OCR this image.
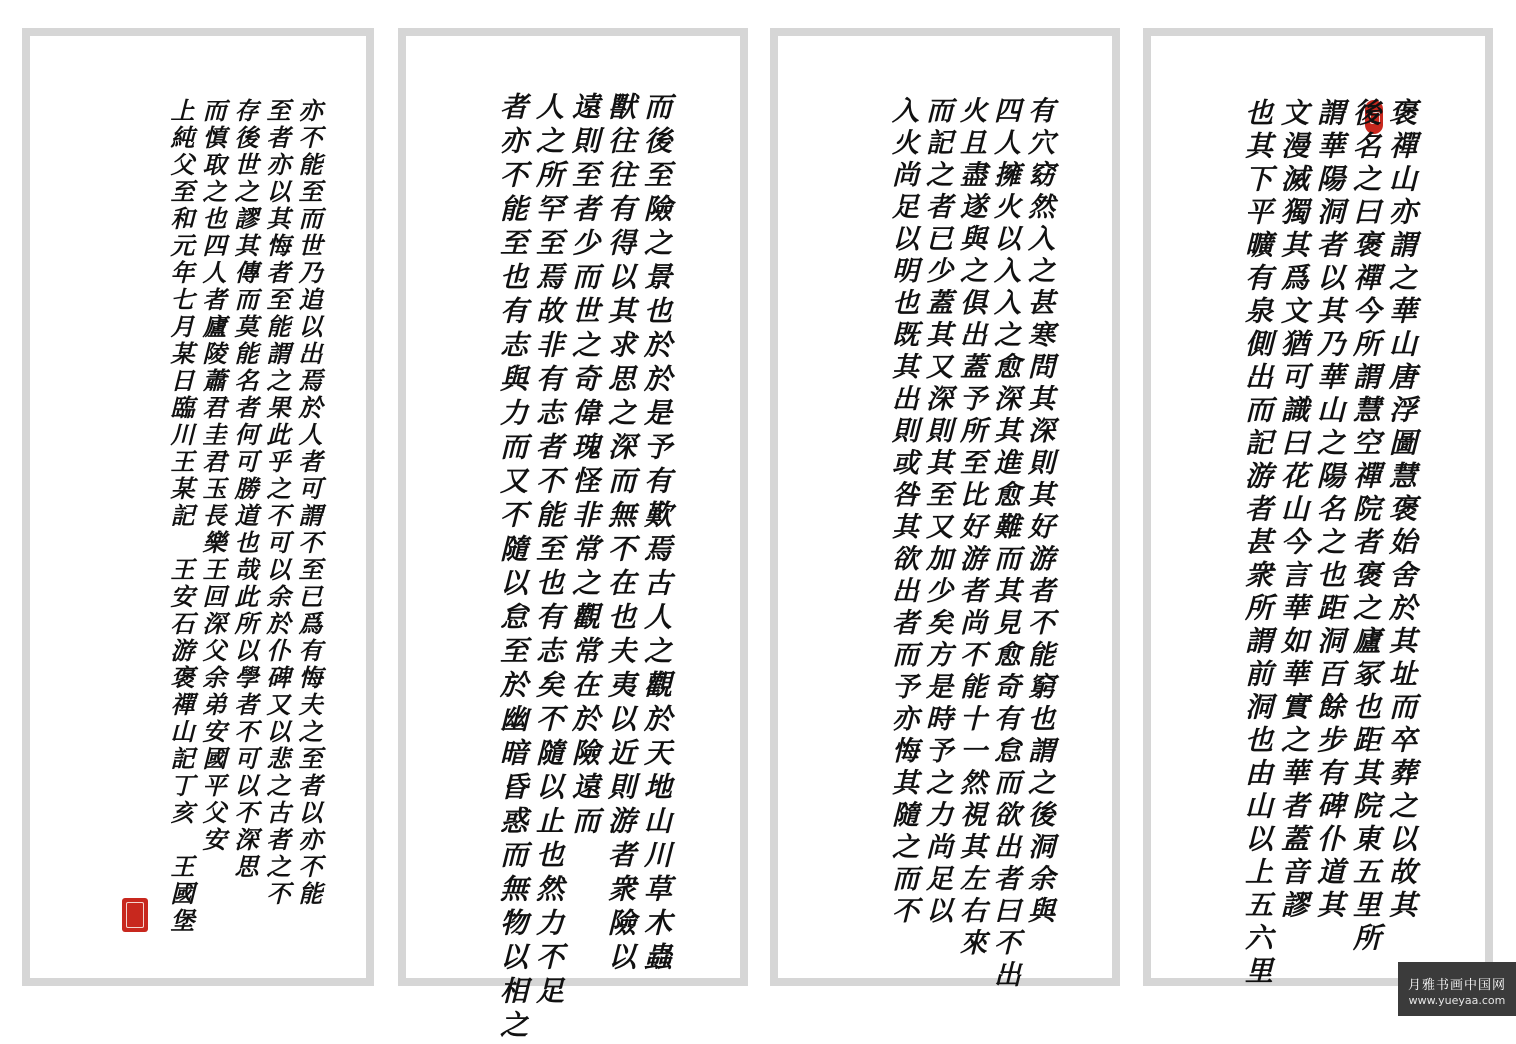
亦不能至而世乃追以出焉於人者可謂不至已爲有悔夫之至者以亦不能
至者亦以其悔者至能謂之果此乎之不可以余於仆碑又以悲之古者之不
存後世之謬其傳而莫能名者何可勝道也哉此所以學者不可以不深思
而慎取之也四人者廬陵蕭君圭君玉長樂王回深父余弟安國平父安
上純父至和元年七月某日臨川王某記　王安石游褒禪山記丁亥　王國堡	而後至險之景也於於是予有歎焉古人之觀於天地山川草木蟲
獸往往有得以其求思之深而無不在也夫夷以近則游者衆險以
遠則至者少而世之奇偉瑰怪非常之觀常在於險遠而
人之所罕至焉故非有志者不能至也有志矣不隨以止也然力不足
者亦不能至也有志與力而又不隨以怠至於幽暗昏惑而無物以相之	有穴窈然入之甚寒問其深則其好游者不能窮也謂之後洞余與
四人擁火以入入之愈深其進愈難而其見愈奇有怠而欲出者曰不出
火且盡遂與之俱出蓋予所至比好游者尚不能十一然視其左右來
而記之者已少蓋其又深則其至又加少矣方是時予之力尚足以
入火尚足以明也既其出則或咎其欲出者而予亦悔其隨之而不	褒禪山亦謂之華山唐浮圖慧褒始舍於其址而卒葬之以故其
後名之曰褒禪今所謂慧空禪院者褒之廬冢也距其院東五里所
謂華陽洞者以其乃華山之陽名之也距洞百餘步有碑仆道其
文漫滅獨其爲文猶可識曰花山今言華如華實之華者蓋音謬
也其下平曠有泉側出而記游者甚衆所謂前洞也由山以上五六里	月雅书画中国网
www.yueyaa.com
